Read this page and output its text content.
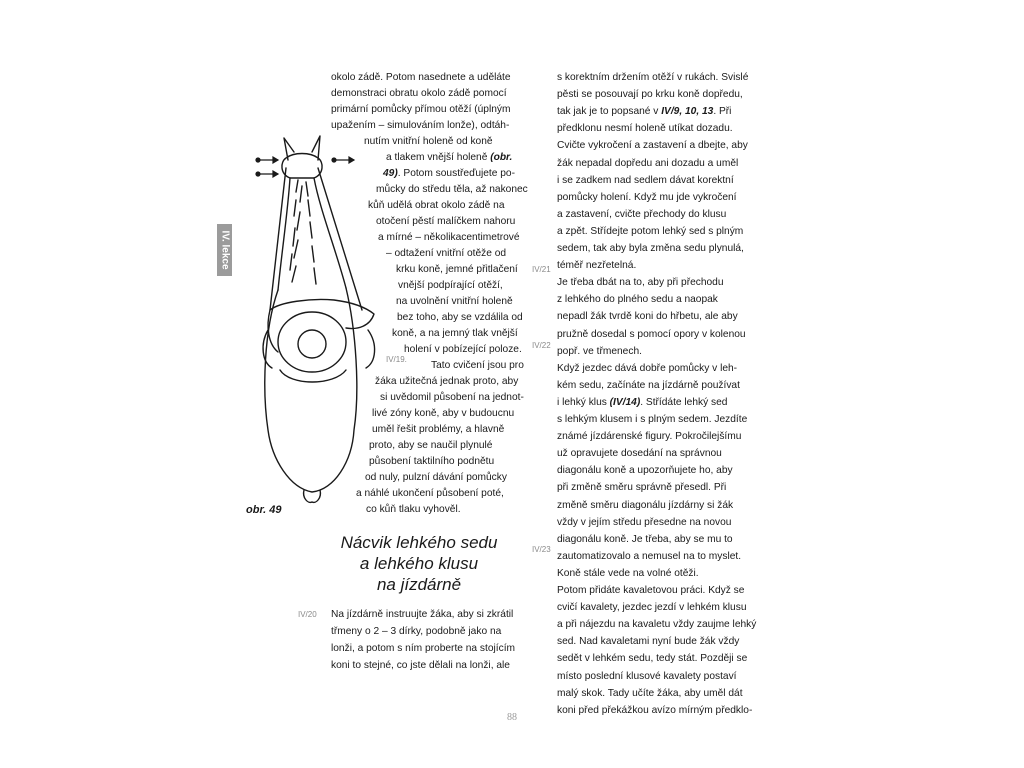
IV. lekce
obr. 49
okolo zádě. Potom nasednete a uděláte
demonstraci obratu okolo zádě pomocí
primární pomůcky přímou otěží (úplným
upažením – simulováním lonže), odtáh-
nutím vnitřní holeně od koně
a tlakem vnější holeně (obr.
49). Potom soustřeďujete po-
můcky do středu těla, až nakonec
kůň udělá obrat okolo zádě na
otočení pěstí malíčkem nahoru
a mírné – několikacentimetrové
– odtažení vnitřní otěže od
krku koně, jemné přitlačení
vnější podpírající otěží,
na uvolnění vnitřní holeně
bez toho, aby se vzdálila od
koně, a na jemný tlak vnější
holení v pobízející poloze.
Tato cvičení jsou pro
žáka užitečná jednak proto, aby
si uvědomil působení na jednot-
livé zóny koně, aby v budoucnu
uměl řešit problémy, a hlavně
proto, aby se naučil plynulé
působení taktilního podnětu
od nuly, pulzní dávání pomůcky
a náhlé ukončení působení poté,
co kůň tlaku vyhověl.
Nácvik lehkého sedu
a lehkého klusu
na jízdárně
Na jízdárně instruujte žáka, aby si zkrátil
třmeny o 2 – 3 dírky, podobně jako na
lonži, a potom s ním proberte na stojícím
koni to stejné, co jste dělali na lonži, ale
s korektním držením otěží v rukách. Svislé
pěsti se posouvají po krku koně dopředu,
tak jak je to popsané v IV/9, 10, 13. Při
předklonu nesmí holeně utíkat dozadu.
Cvičte vykročení a zastavení a dbejte, aby
žák nepadal dopředu ani dozadu a uměl
i se zadkem nad sedlem dávat korektní
pomůcky holení. Když mu jde vykročení
a zastavení, cvičte přechody do klusu
a zpět. Střídejte potom lehký sed s plným
sedem, tak aby byla změna sedu plynulá,
téměř nezřetelná.
Je třeba dbát na to, aby při přechodu
z lehkého do plného sedu a naopak
nepadl žák tvrdě koni do hřbetu, ale aby
pružně dosedal s pomocí opory v kolenou
popř. ve třmenech.
Když jezdec dává dobře pomůcky v leh-
kém sedu, začínáte na jízdárně používat
i lehký klus (IV/14). Střídáte lehký sed
s lehkým klusem i s plným sedem. Jezdíte
známé jízdárenské figury. Pokročilejšímu
už opravujete dosedání na správnou
diagonálu koně a upozorňujete ho, aby
při změně směru správně přesedl. Při
změně směru diagonálu jízdárny si žák
vždy v jejím středu přesedne na novou
diagonálu koně. Je třeba, aby se mu to
zautomatizovalo a nemusel na to myslet.
Koně stále vede na volné otěži.
Potom přidáte kavaletovou práci. Když se
cvičí kavalety, jezdec jezdí v lehkém klusu
a při nájezdu na kavaletu vždy zaujme lehký
sed. Nad kavaletami nyní bude žák vždy
sedět v lehkém sedu, tedy stát. Později se
místo poslední klusové kavalety postaví
malý skok. Tady učíte žáka, aby uměl dát
koni před překážkou avízo mírným předklo-
IV/19.
IV/20
IV/21
IV/22
IV/23
88
